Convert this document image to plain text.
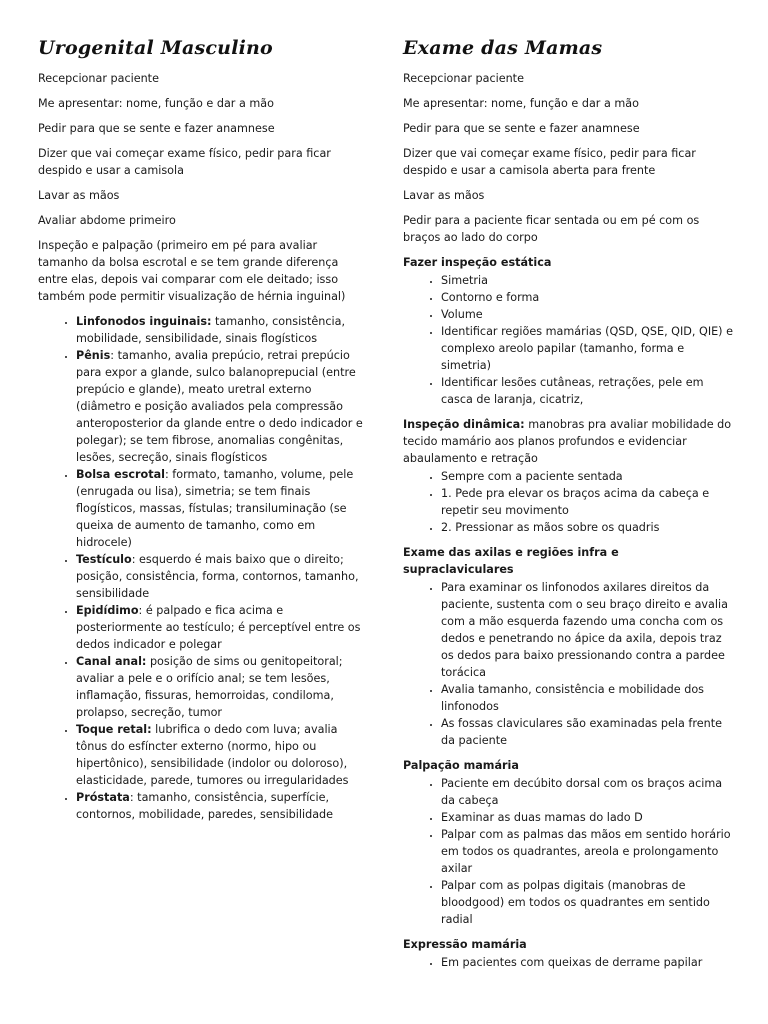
Urogenital Masculino

Recepcionar paciente

Me apresentar: nome, função e dar a mão

Pedir para que se sente e fazer anamnese

Dizer que vai começar exame físico, pedir para ficar despido e usar a camisola

Lavar as mãos

Avaliar abdome primeiro

Inspeção e palpação (primeiro em pé para avaliar tamanho da bolsa escrotal e se tem grande diferença entre elas, depois vai comparar com ele deitado; isso também pode permitir visualização de hérnia inguinal)

• Linfonodos inguinais: tamanho, consistência, mobilidade, sensibilidade, sinais flogísticos
• Pênis: tamanho, avalia prepúcio, retrai prepúcio para expor a glande, sulco balanoprepucial (entre prepúcio e glande), meato uretral externo (diâmetro e posição avaliados pela compressão anteroposterior da glande entre o dedo indicador e polegar); se tem fibrose, anomalias congênitas, lesões, secreção, sinais flogísticos
• Bolsa escrotal: formato, tamanho, volume, pele (enrugada ou lisa), simetria; se tem finais flogísticos, massas, fístulas; transiluminação (se queixa de aumento de tamanho, como em hidrocele)
• Testículo: esquerdo é mais baixo que o direito; posição, consistência, forma, contornos, tamanho, sensibilidade
• Epidídimo: é palpado e fica acima e posteriormente ao testículo; é perceptível entre os dedos indicador e polegar
• Canal anal: posição de sims ou genitopeitoral; avaliar a pele e o orifício anal; se tem lesões, inflamação, fissuras, hemorroidas, condiloma, prolapso, secreção, tumor
• Toque retal: lubrifica o dedo com luva; avalia tônus do esfíncter externo (normo, hipo ou hipertônico), sensibilidade (indolor ou doloroso), elasticidade, parede, tumores ou irregularidades
• Próstata: tamanho, consistência, superfície, contornos, mobilidade, paredes, sensibilidade
Exame das Mamas

Recepcionar paciente

Me apresentar: nome, função e dar a mão

Pedir para que se sente e fazer anamnese

Dizer que vai começar exame físico, pedir para ficar despido e usar a camisola aberta para frente

Lavar as mãos

Pedir para a paciente ficar sentada ou em pé com os braços ao lado do corpo

Fazer inspeção estática

• Simetria
• Contorno e forma
• Volume
• Identificar regiões mamárias (QSD, QSE, QID, QIE) e complexo areolo papilar (tamanho, forma e simetria)
• Identificar lesões cutâneas, retrações, pele em casca de laranja, cicatriz,

Inspeção dinâmica: manobras pra avaliar mobilidade do tecido mamário aos planos profundos e evidenciar abaulamento e retração

• Sempre com a paciente sentada
• 1. Pede pra elevar os braços acima da cabeça e repetir seu movimento
• 2. Pressionar as mãos sobre os quadris

Exame das axilas e regiões infra e supraclaviculares

• Para examinar os linfonodos axilares direitos da paciente, sustenta com o seu braço direito e avalia com a mão esquerda fazendo uma concha com os dedos e penetrando no ápice da axila, depois traz os dedos para baixo pressionando contra a pardee torácica
• Avalia tamanho, consistência e mobilidade dos linfonodos
• As fossas claviculares são examinadas pela frente da paciente

Palpação mamária

• Paciente em decúbito dorsal com os braços acima da cabeça
• Examinar as duas mamas do lado D
• Palpar com as palmas das mãos em sentido horário em todos os quadrantes, areola e prolongamento axilar
• Palpar com as polpas digitais (manobras de bloodgood) em todos os quadrantes em sentido radial

Expressão mamária

• Em pacientes com queixas de derrame papilar
